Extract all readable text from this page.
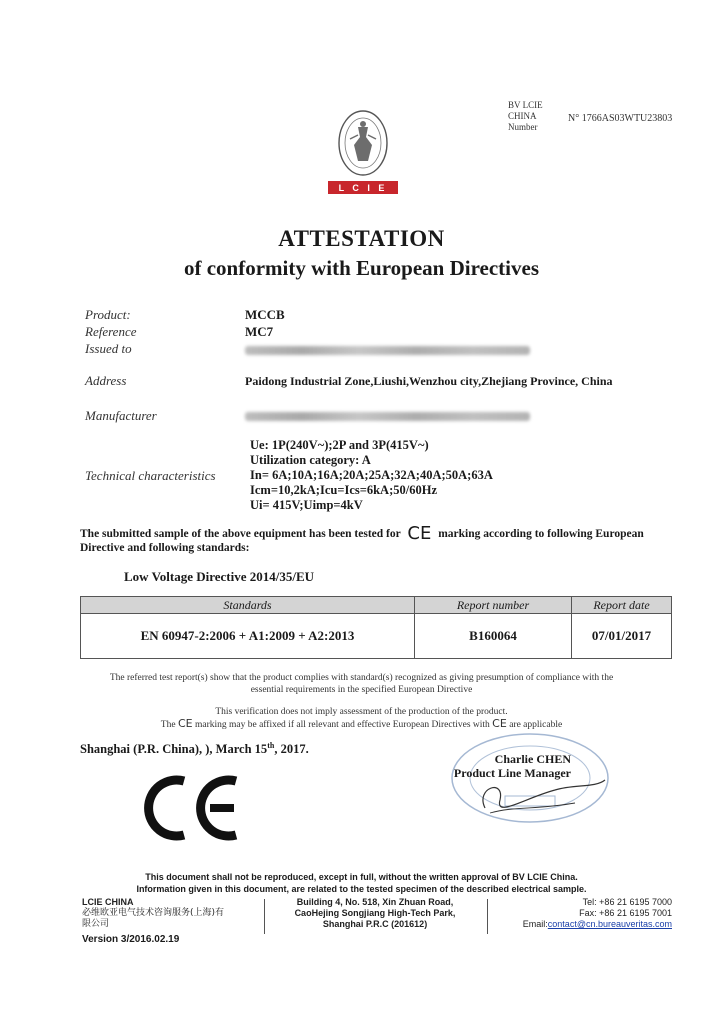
BV LCIE
CHINA
Number
N° 1766AS03WTU23803
L C I E
ATTESTATION
of conformity with European Directives
Product:	MCCB
Reference	MC7
Issued to
Address	Paidong Industrial Zone,Liushi,Wenzhou city,Zhejiang Province, China
Manufacturer
Technical characteristics
Ue: 1P(240V~);2P and 3P(415V~)
Utilization category: A
In= 6A;10A;16A;20A;25A;32A;40A;50A;63A
Icm=10,2kA;Icu=Ics=6kA;50/60Hz
Ui= 415V;Uimp=4kV
The submitted sample of the above equipment has been tested for CE marking according to following European
Directive and following standards:
Low Voltage Directive 2014/35/EU
Standards	Report number	Report date
EN 60947-2:2006 + A1:2009 + A2:2013	B160064	07/01/2017
The referred test report(s) show that the product complies with standard(s) recognized as giving presumption of compliance with the
essential requirements in the specified European Directive
This verification does not imply assessment of the production of the product.
The CE marking may be affixed if all relevant and effective European Directives with CE are applicable
Shanghai (P.R. China), ), March 15th, 2017.
Charlie CHEN
Product Line Manager
This document shall not be reproduced, except in full, without the written approval of BV LCIE China.
Information given in this document, are related to the tested specimen of the described electrical sample.
LCIE CHINA
必维欧亚电气技术咨询服务(上海)有
限公司
Building 4, No. 518, Xin Zhuan Road,
CaoHejing Songjiang High-Tech Park,
Shanghai P.R.C (201612)
Tel: +86 21 6195 7000
Fax: +86 21 6195 7001
Email:contact@cn.bureauveritas.com
Version 3/2016.02.19
